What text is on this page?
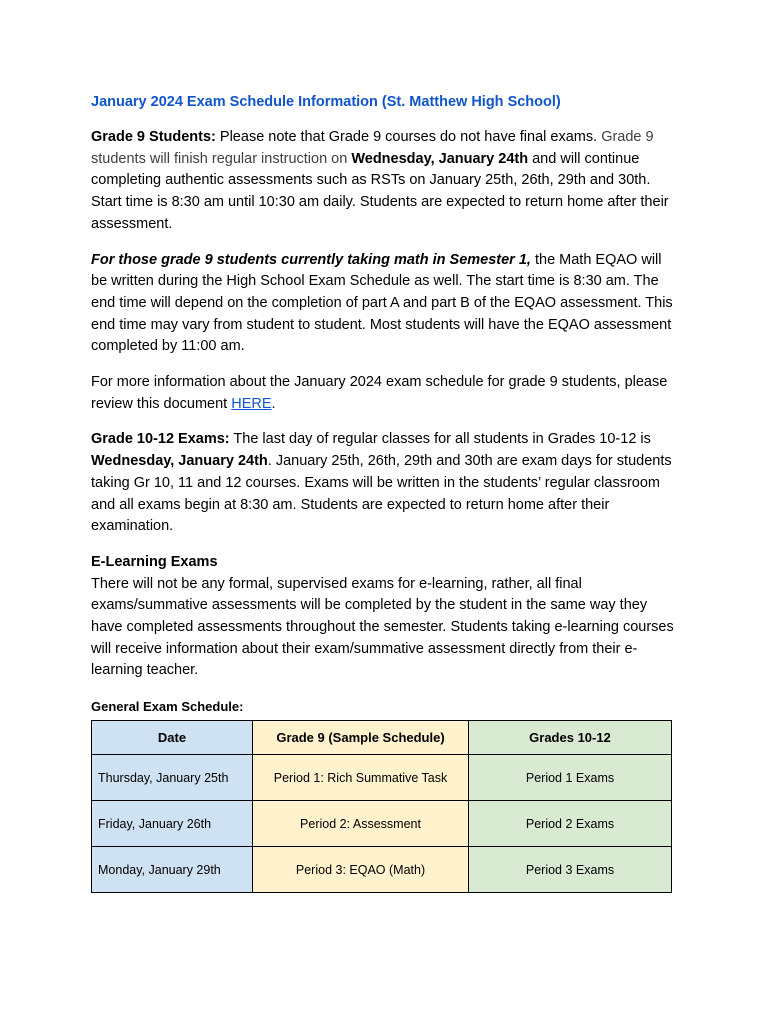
January 2024 Exam Schedule Information (St. Matthew High School)

Grade 9 Students: Please note that Grade 9 courses do not have final exams. Grade 9 students will finish regular instruction on Wednesday, January 24th and will continue completing authentic assessments such as RSTs on January 25th, 26th, 29th and 30th. Start time is 8:30 am until 10:30 am daily. Students are expected to return home after their assessment.

For those grade 9 students currently taking math in Semester 1, the Math EQAO will be written during the High School Exam Schedule as well. The start time is 8:30 am. The end time will depend on the completion of part A and part B of the EQAO assessment. This end time may vary from student to student. Most students will have the EQAO assessment completed by 11:00 am.

For more information about the January 2024 exam schedule for grade 9 students, please review this document HERE.

Grade 10-12 Exams: The last day of regular classes for all students in Grades 10-12 is Wednesday, January 24th. January 25th, 26th, 29th and 30th are exam days for students taking Gr 10, 11 and 12 courses. Exams will be written in the students’ regular classroom and all exams begin at 8:30 am. Students are expected to return home after their examination.

E-Learning Exams

There will not be any formal, supervised exams for e-learning, rather, all final exams/summative assessments will be completed by the student in the same way they have completed assessments throughout the semester. Students taking e-learning courses will receive information about their exam/summative assessment directly from their e-learning teacher.

General Exam Schedule:
Date	Grade 9 (Sample Schedule)	Grades 10-12
Thursday, January 25th	Period 1: Rich Summative Task	Period 1 Exams
Friday, January 26th	Period 2: Assessment	Period 2 Exams
Monday, January 29th	Period 3: EQAO (Math)	Period 3 Exams
